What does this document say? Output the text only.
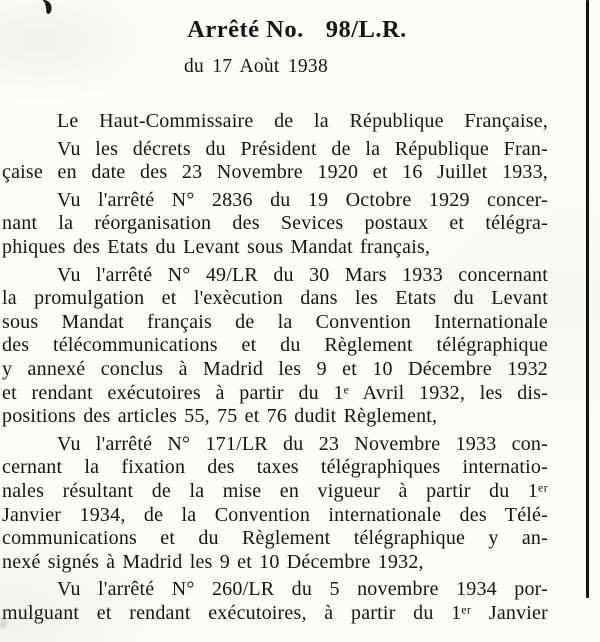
Arrêté No. 98/L.R.
du 17 Aoùt 1938
Le Haut-Commissaire de la République Française,
Vu les décrets du Président de la République Fran-
çaise en date des 23 Novembre 1920 et 16 Juillet 1933,
Vu l'arrêté N° 2836 du 19 Octobre 1929 concer-
nant la réorganisation des Sevices postaux et télégra-
phiques des Etats du Levant sous Mandat français,
Vu l'arrêté N° 49/LR du 30 Mars 1933 concernant
la promulgation et l'exècution dans les Etats du Levant
sous Mandat français de la Convention Internationale
des télécommunications et du Règlement télégraphique
y annexé conclus à Madrid les 9 et 10 Décembre 1932
et rendant exécutoires à partir du 1ᵉ Avril 1932, les dis-
positions des articles 55, 75 et 76 dudit Règlement,
Vu l'arrêté N° 171/LR du 23 Novembre 1933 con-
cernant la fixation des taxes télégraphiques internatio-
nales résultant de la mise en vigueur à partir du 1ᵉʳ
Janvier 1934, de la Convention internationale des Télé-
communications et du Règlement télégraphique y an-
nexé signés à Madrid les 9 et 10 Décembre 1932,
Vu l'arrêté N° 260/LR du 5 novembre 1934 por-
mulguant et rendant exécutoires, à partir du 1ᵉʳ Janvier
